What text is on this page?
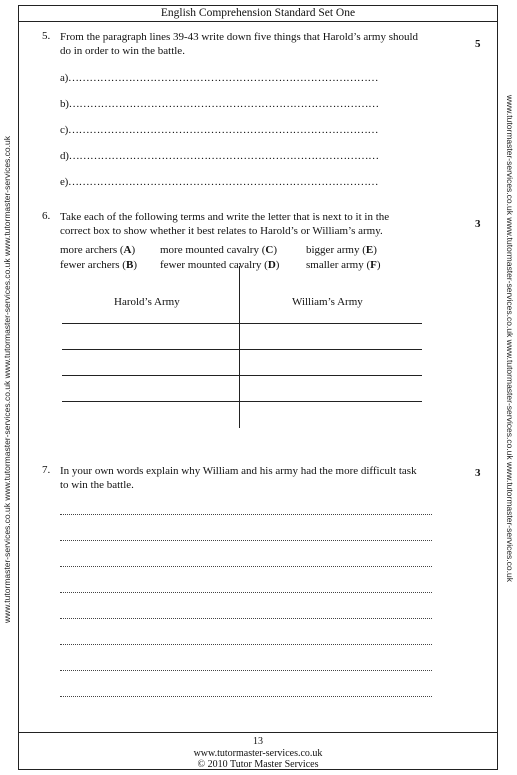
English Comprehension Standard Set One
www.tutormaster-services.co.uk www.tutormaster-services.co.uk www.tutormaster-services.co.uk www.tutormaster-services.co.uk	www.tutormaster-services.co.uk www.tutormaster-services.co.uk www.tutormaster-services.co.uk www.tutormaster-services.co.uk
5. From the paragraph lines 39-43 write down five things that Harold’s army should
do in order to win the battle.
5
a)……………………………………………………………………………
b)……………………………………………………………………………
c)……………………………………………………………………………
d)……………………………………………………………………………
e)……………………………………………………………………………
6. Take each of the following terms and write the letter that is next to it in the
correct box to show whether it best relates to Harold’s or William’s army.
3
more archers (A) more mounted cavalry (C)	bigger army (E)
fewer archers (B) fewer mounted cavalry (D) smaller army (F)
Harold’s Army	William’s Army
7. In your own words explain why William and his army had the more difficult task
to win the battle.
3
13
www.tutormaster-services.co.uk
© 2010 Tutor Master Services
